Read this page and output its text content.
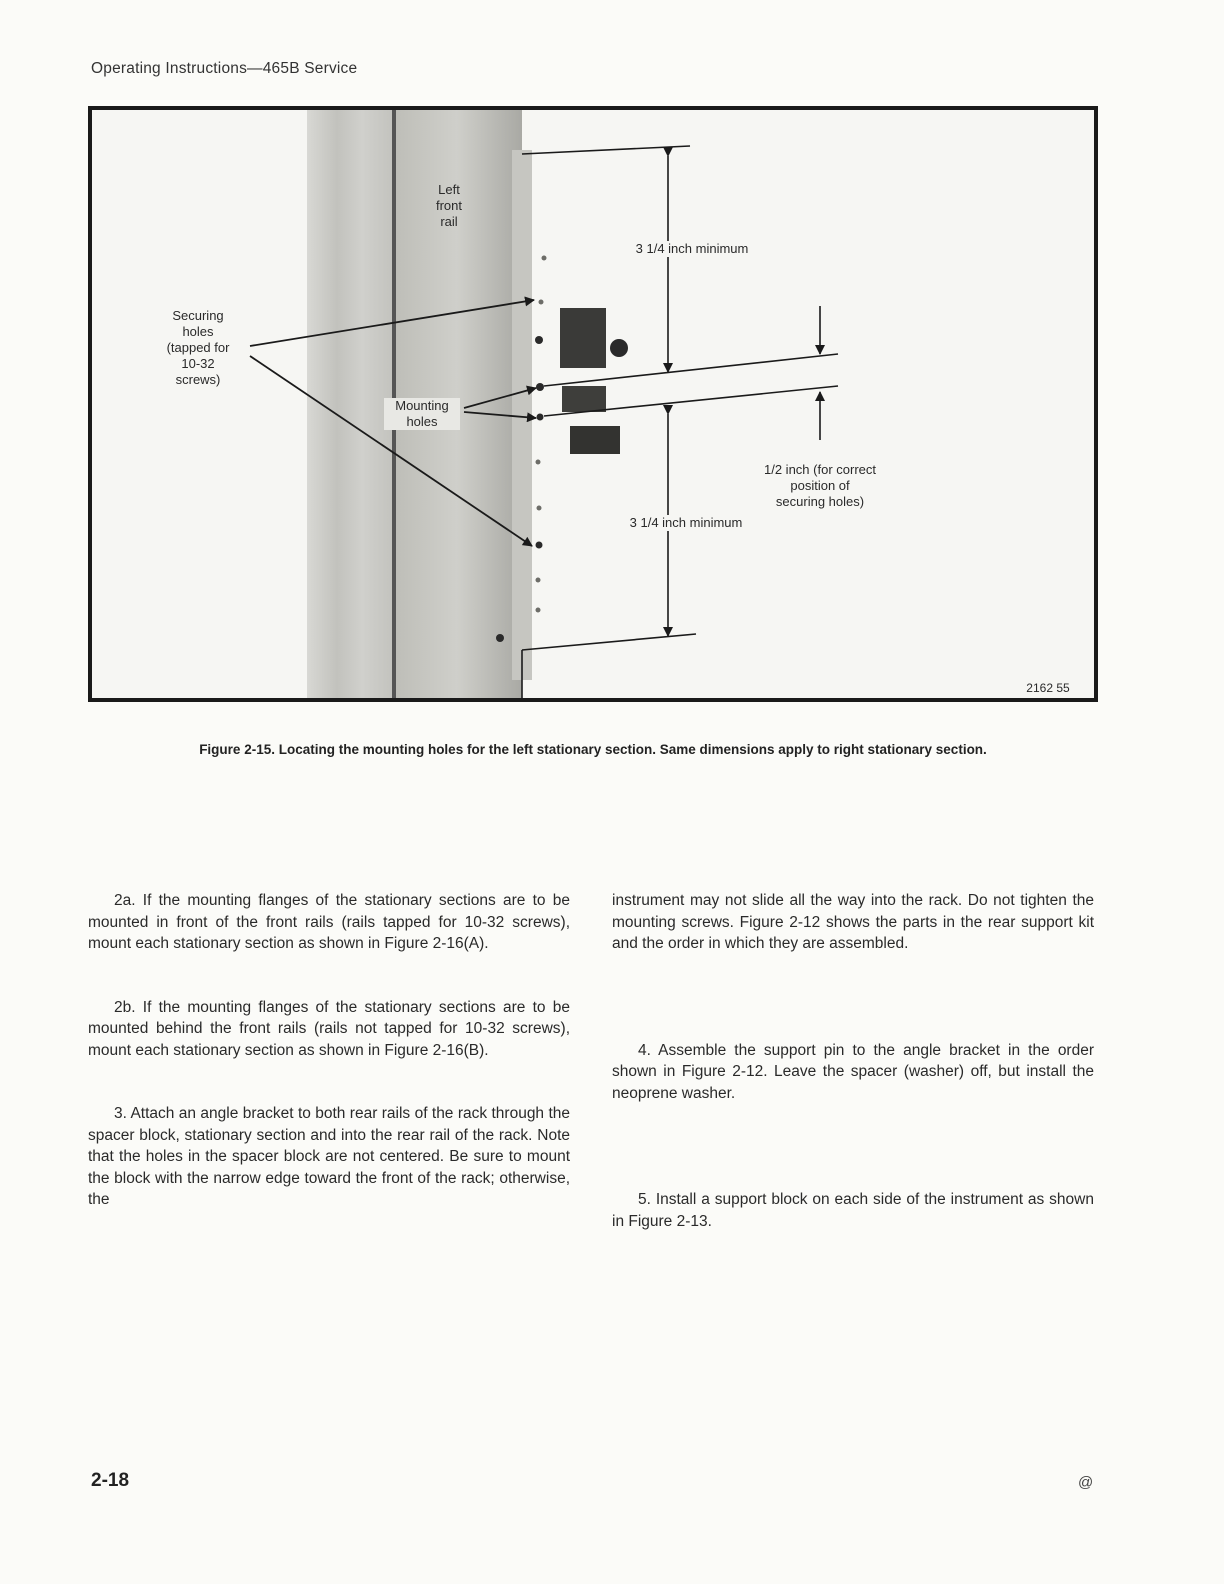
Operating Instructions—465B Service
Left
front
rail
Securing
holes
(tapped for
10-32
screws)
Mounting
holes
3 1/4 inch minimum
1/2 inch (for correct
position of
securing holes)
3 1/4 inch minimum
2162 55
Figure 2-15. Locating the mounting holes for the left stationary section. Same dimensions apply to right stationary section.

2a. If the mounting flanges of the stationary sections are to be mounted in front of the front rails (rails tapped for 10-32 screws), mount each stationary section as shown in Figure 2-16(A).

2b. If the mounting flanges of the stationary sections are to be mounted behind the front rails (rails not tapped for 10-32 screws), mount each stationary section as shown in Figure 2-16(B).

3. Attach an angle bracket to both rear rails of the rack through the spacer block, stationary section and into the rear rail of the rack. Note that the holes in the spacer block are not centered. Be sure to mount the block with the narrow edge toward the front of the rack; otherwise, the

instrument may not slide all the way into the rack. Do not tighten the mounting screws. Figure 2-12 shows the parts in the rear support kit and the order in which they are assembled.

4. Assemble the support pin to the angle bracket in the order shown in Figure 2-12. Leave the spacer (washer) off, but install the neoprene washer.

5. Install a support block on each side of the instrument as shown in Figure 2-13.

2-18	@
